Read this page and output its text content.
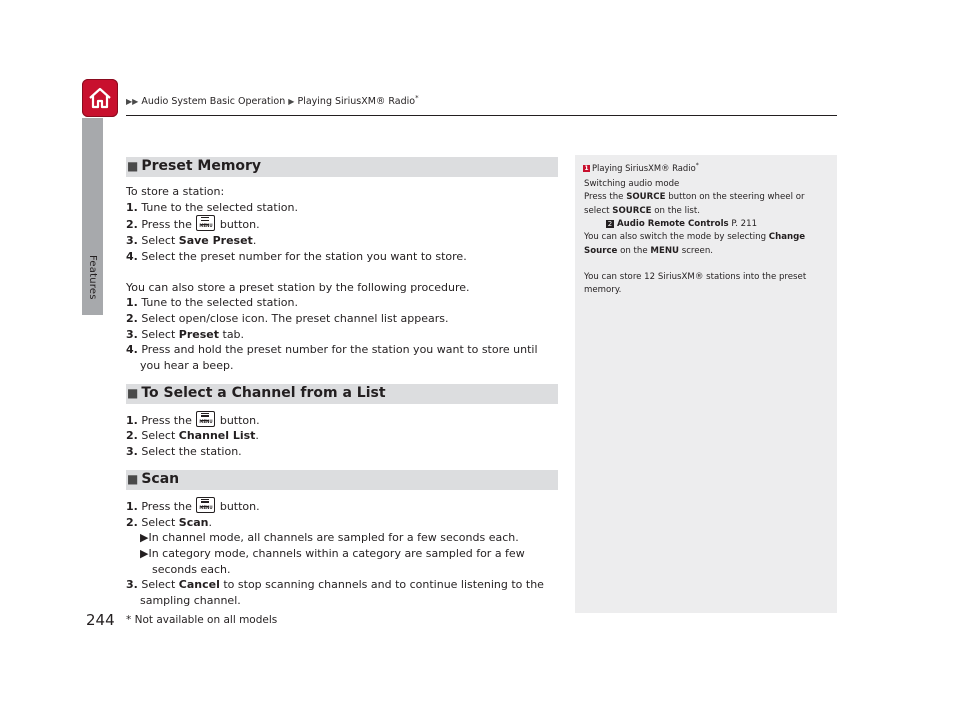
▶▶ Audio System Basic Operation ▶ Playing SiriusXM® Radio*
Features
■ Preset Memory

To store a station:

1. Tune to the selected station.
2. Press the MENU button.
3. Select Save Preset.
4. Select the preset number for the station you want to store.

You can also store a preset station by the following procedure.

1. Tune to the selected station.
2. Select open/close icon. The preset channel list appears.
3. Select Preset tab.
4. Press and hold the preset number for the station you want to store until you hear a beep.
■ To Select a Channel from a List
1. Press the MENU button.
2. Select Channel List.
3. Select the station.
■ Scan
1. Press the MENU button.
2. Select Scan.
▶In channel mode, all channels are sampled for a few seconds each.
▶In category mode, channels within a category are sampled for a few seconds each.
3. Select Cancel to stop scanning channels and to continue listening to the sampling channel.
1 Playing SiriusXM® Radio*

Switching audio mode

Press the SOURCE button on the steering wheel or

select SOURCE on the list.

2 Audio Remote Controls P. 211

You can also switch the mode by selecting Change

Source on the MENU screen.

You can store 12 SiriusXM® stations into the preset memory.

244 * Not available on all models
